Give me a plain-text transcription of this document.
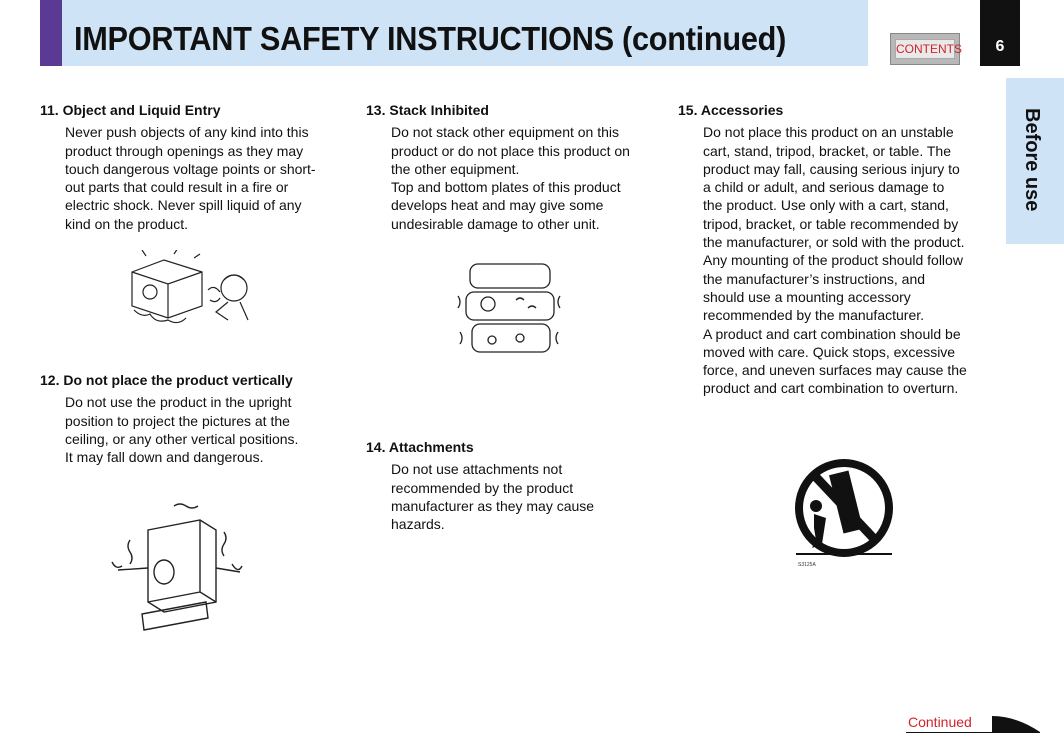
IMPORTANT SAFETY INSTRUCTIONS (continued)	CONTENTS	6
Before use
11. Object and Liquid Entry
Never push objects of any kind into this
product through openings as they may
touch dangerous voltage points or short-
out parts that could result in a fire or
electric shock. Never spill liquid of any
kind on the product.
12. Do not place the product vertically
Do not use the product in the upright
position to project the pictures at the
ceiling, or any other vertical positions.
It may fall down and dangerous.
13. Stack Inhibited
Do not stack other equipment on this
product or do not place this product on
the other equipment.
Top and bottom plates of this product
develops heat and may give some
undesirable damage to other unit.
14. Attachments
Do not use attachments not
recommended by the product
manufacturer as they may cause
hazards.
15. Accessories
Do not place this product on an unstable
cart, stand, tripod, bracket, or table. The
product may fall, causing serious injury to
a child or adult, and serious damage to
the product. Use only with a cart, stand,
tripod, bracket, or table recommended by
the manufacturer, or sold with the product.
Any mounting of the product should follow
the manufacturer’s instructions, and
should use a mounting accessory
recommended by the manufacturer.
A product and cart combination should be
moved with care. Quick stops, excessive
force, and uneven surfaces may cause the
product and cart combination to overturn.
S3125A
Continued
